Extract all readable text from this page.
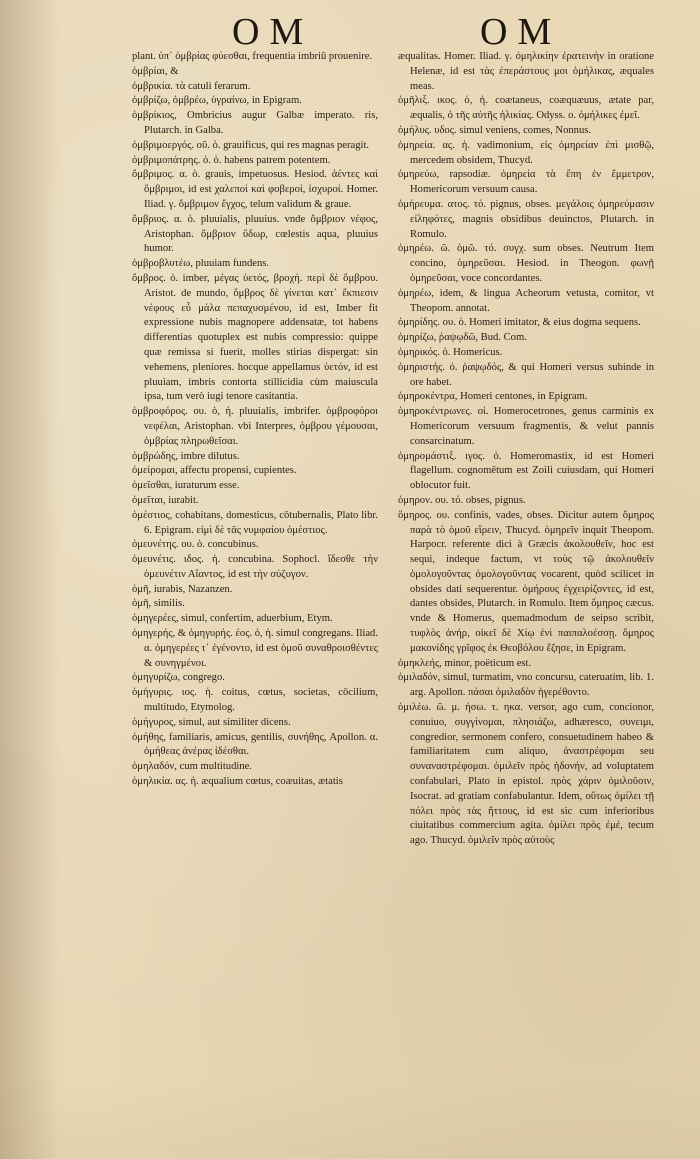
OM	OM

plant. ὑπ᾽ ὀμβρίας φύεσθαι, frequentia imbriū prouenire.

ὀμβρίαι, &

ὀμβρικία. τὰ catuli ferarum.

ὀμβρίζω, ὀμβρέω, ὑγραίνω, in Epigram.

ὀμβρίκιος, Ombricius augur Galbæ imperato. ris, Plutarch. in Galba.

ὀμβριμοεργός. οῦ. ὁ. grauificus, qui res magnas peragit.

ὀμβριμοπάτρης. ὁ. ὁ. habens patrem potentem.

ὄμβριμος. α. ὁ. grauis, impetuosus. Hesiod. ἀέντες καὶ ὄμβριμοι, id est χαλεποὶ καὶ φοβεροί, ἰσχυροί. Homer. Iliad. γ. ὄμβριμον ἔγχος, telum validum & graue.

ὄμβριος. α. ὁ. pluuialis, pluuius. vnde ὄμβριον νέφος, Aristophan. ὄμβριον ὕδωρ, cœlestis aqua, pluuius humor.

ὀμβροβλυτέω, pluuiam fundens.

ὄμβρος. ὁ. imber, μέγας ὑετός, βροχή. περὶ δὲ ὄμβρου. Aristot. de mundo, ὄμβρος δὲ γίνεται κατ᾽ ἔκπιεσιν νέφους εὖ μάλα πεπαχυσμένου, id est, Imber fit expressione nubis magnopere addensatæ, tot habens differentias quotuplex est nubis compressio: quippe quæ remissa si fuerit, molles stirias dispergat: sin vehemens, pleniores. hocque appellamus ὑετόν, id est pluuiam, imbris contorta stillicidia cùm maiuscula ipsa, tum verò iugi tenore casitantia.

ὀμβροφόρος. ου. ὁ, ἡ. pluuialis, imbrifer. ὀμβροφόροι νεφέλαι, Aristophan. vbi Interpres, ὀμβρου γέμουσαι, ὀμβρίας πληρωθεῖσαι.

ὀμβρώδης, imbre dilutus.

ὀμείρομαι, affectu propensi, cupientes.

ὀμεῖσθαι, iuraturum esse.

ὀμεῖται, iurabit.

ὁμέστιος, cohabitans, domesticus, cōtubernalis, Plato libr. 6. Epigram. εἰμὶ δὲ τᾶς νυμφαίου ὁμέστιος.

ὁμευνέτης. ου. ὁ. concubinus.

ὁμευνέτις. ιδος. ἡ. concubina. Sophocl. ἴδεσθε τὴν ὁμευνέτιν Αἴαντος, id est τὴν σύζυγον.

ὀμῆ, iurabis, Nazanzen.

ὁμῆ, similis.

ὁμηγερέες, simul, confertim, aduerbium, Etym.

ὁμηγερής, & ὁμηγυρής. έος. ὁ, ἡ. simul congregans. Iliad. α. ὁμηγερέες τ᾽ ἐγένοντο, id est ὁμοῦ συναθροισθέντες & συνηγμένοι.

ὁμηγυρίζω, congrego.

ὁμήγυρις. ιος. ἡ. coitus, cœtus, societas, cōcilium, multitudo, Etymolog.

ὁμήγυρος, simul, aut similiter dicens.

ὁμήθης, familiaris, amicus, gentilis, συνήθης, Apollon. α. ὁμήθεας ἀνέρας ἰδέσθαι.

ὁμηλαδόν, cum multitudine.

ὁμηλικία. ας. ἡ. æqualium cœtus, coæuitas, ætatis

æqualitas. Homer. Iliad. γ. ὁμηλικίην ἐρατεινὴν in oratione Helenæ, id est τὰς ἐπεράστους μοι ὁμήλικας, æquales meas.

ὁμῆλιξ. ικος. ὁ, ἡ. coætaneus, coæquæuus, ætate par, æqualis, ὁ τῆς αὐτῆς ἡλικίας. Odyss. ο. ὁμήλικες ἐμεῖ.

ὁμήλυς. υδος. simul veniens, comes, Nonnus.

ὁμηρεία. ας. ἡ. vadimonium, εἰς ὁμηρείαν ἐπὶ μισθῷ, mercedem obsidem, Thucyd.

ὁμηρεύω, rapsodiæ. ὁμηρεία τὰ ἔπη ἐν ἔμμετρον, Homericorum versuum causa.

ὁμήρευμα. ατος. τό. pignus, obses. μεγάλοις ὁμηρεύμασιν εἰληφότες, magnis obsidibus deuinctos, Plutarch. in Romulo.

ὁμηρέω. ῶ. ὁμῶ. τό. συγχ. sum obses. Neutrum Item concino, ὁμηρεῦσαι. Hesiod. in Theogon. φωνῇ ὁμηρεῦσαι, voce concordantes.

ὁμηρέω, idem, & lingua Acheorum vetusta, comitor, vt Theopom. annotat.

ὁμηρίδης. ου. ὁ. Homeri imitator, & eius dogma sequens.

ὁμηρίζω, ῥαψῳδῶ, Bud. Com.

ὁμηρικός. ὁ. Homericus.

ὁμηριστής. ὁ. ῥαψῳδός, & qui Homeri versus subinde in ore habet.

ὁμηροκέντρα, Homeri centones, in Epigram.

ὁμηροκέντρωνες. οἱ. Homerocetrones, genus carminis ex Homericorum versuum fragmentis, & velut pannis consarcinatum.

ὁμηρομάστιξ. ιγος. ὁ. Homeromastix, id est Homeri flagellum. cognomētum est Zoili cuiusdam, qui Homeri oblocutor fuit.

ὁμηρον. ου. τό. obses, pignus.

ὅμηρος. ου. confinis, vades, obses. Dicitur autem ὅμηρος παρὰ τὸ ὁμοῦ εἴρειν, Thucyd. ὁμηρεῖν inquit Theopom. Harpocr. referente dici à Græcis ἀκολουθεῖν, hoc est sequi, indeque factum, vt τοὺς τῷ ἀκολουθεῖν ὁμολογοῦντας ὁμολογοῦντας vocarent, quòd scilicet in obsides dati sequerentur. ὁμήρους ἐγχειρίζοντες, id est, dantes obsides, Plutarch. in Romulo. Item ὅμηρος cæcus. vnde & Homerus, quemadmodum de seipso scribit, τυφλὸς ἀνήρ, οἰκεῖ δὲ Χίῳ ἐνὶ παιπαλοέσσῃ. ὅμηρος μακονίδης γρῖφος ἐκ Θεοβόλου ἔζησε, in Epigram.

ὁμηκλεής, minor, poëticum est.

ὁμιλαδόν, simul, turmatim, vno concursu, cateruatim, lib. 1. arg. Apollon. πάσαι ὁμιλαδὸν ἠγερέθοντο.

ὁμιλέω. ῶ. μ. ήσω. τ. ηκα. versor, ago cum, concionor, conuiuo, συγγίνομαι, πλησιάζω, adhæresco, συνειμι, congredior, sermonem confero, consuetudinem habeo & familiaritatem cum aliquo, ἀναστρέφομαι seu συναναστρέφομαι. ὁμιλεῖν πρὸς ἡδονήν, ad voluptatem confabulari, Plato in epistol. πρὸς χάριν ὁμιλοῦσιν, Isocrat. ad gratiam confabulantur. Idem, οὕτως ὁμίλει τῇ πόλει πρὸς τὰς ἥττους, id est sic cum inferioribus ciuitatibus commercium agita. ὁμίλει πρὸς ἐμέ, tecum ago. Thucyd. ὁμιλεῖν πρὸς αὐτοὺς
